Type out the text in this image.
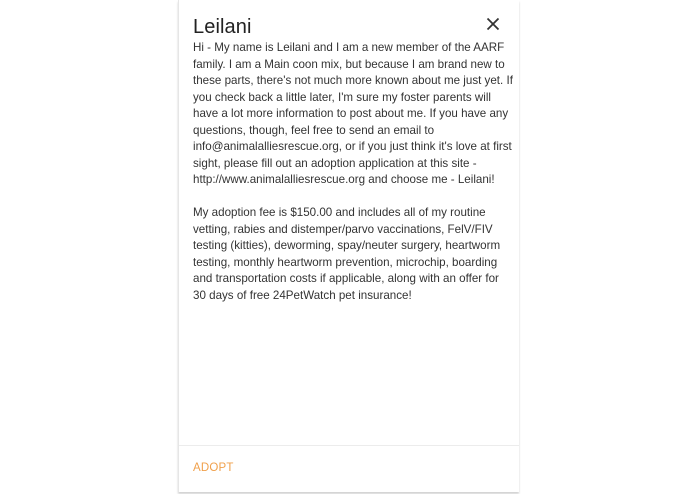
Leilani

Hi - My name is Leilani and I am a new member of the AARF family. I am a Main coon mix, but because I am brand new to these parts, there's not much more known about me just yet. If you check back a little later, I'm sure my foster parents will have a lot more information to post about me. If you have any questions, though, feel free to send an email to info@animalalliesrescue.org, or if you just think it's love at first sight, please fill out an adoption application at this site - http://www.animalalliesrescue.org and choose me - Leilani!

My adoption fee is $150.00 and includes all of my routine vetting, rabies and distemper/parvo vaccinations, FelV/FIV testing (kitties), deworming, spay/neuter surgery, heartworm testing, monthly heartworm prevention, microchip, boarding and transportation costs if applicable, along with an offer for 30 days of free 24PetWatch pet insurance!

ADOPT
